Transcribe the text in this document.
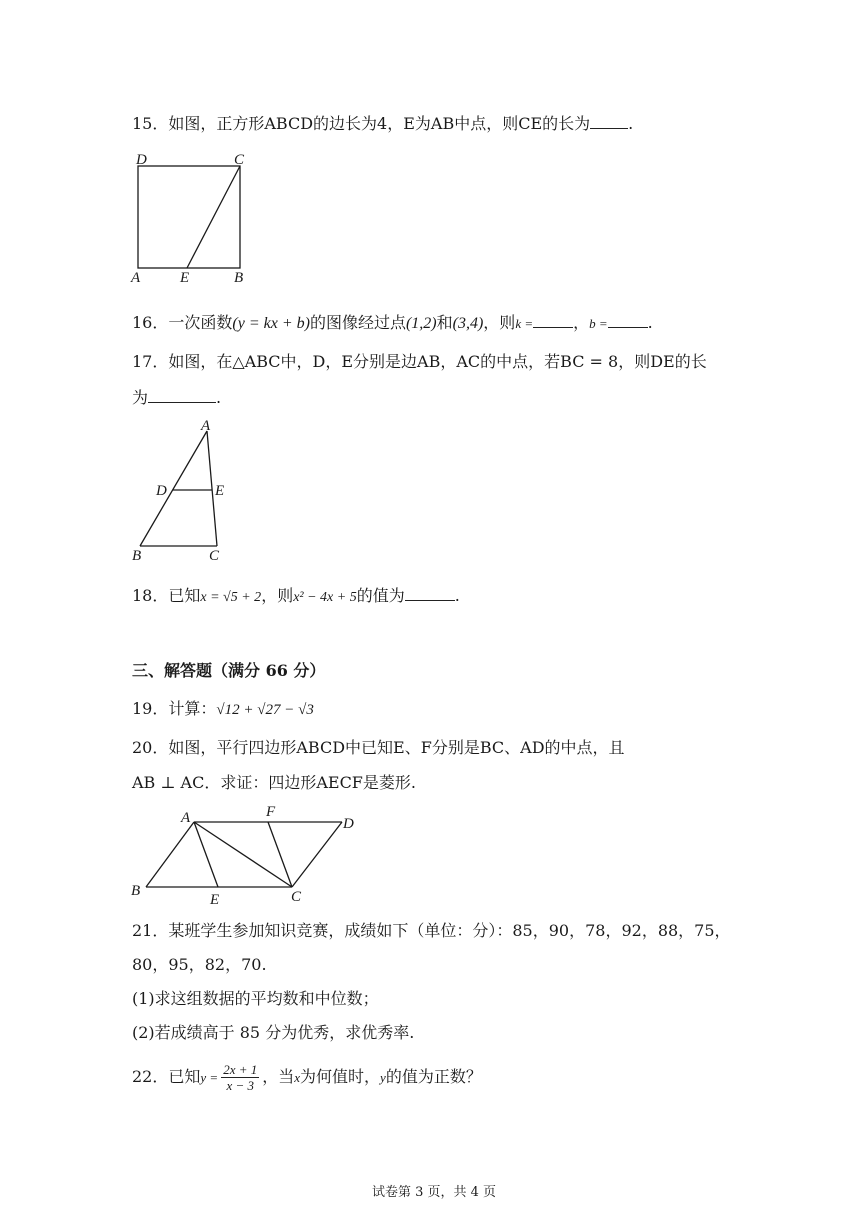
15．如图，正方形ABCD的边长为4，E为AB中点，则CE的长为 .
D	C
A	E	B
16．一次函数(y = kx + b)的图像经过点(1,2)和(3,4)，则k =	，b =	.
17．如图，在△ABC中，D，E分别是边AB，AC的中点，若BC = 8，则DE的长
为	.
A
D	E
B	C
18．已知x = √5 + 2，则x² − 4x + 5的值为	.
三、解答题（满分 66 分）
19．计算：√12 + √27 − √3
20．如图，平行四边形ABCD中已知E、F分别是BC、AD的中点，且
AB ⊥ AC．求证：四边形AECF是菱形.
A	F
D
B
E	C
21．某班学生参加知识竞赛，成绩如下（单位：分）：85，90，78，92，88，75，
80，95，82，70.
(1)求这组数据的平均数和中位数；
(2)若成绩高于 85 分为优秀，求优秀率.
22．已知$y = \frac{2x + 1}{x - 3}$ ，当x为何值时，y的值为正数？
试卷第 3 页，共 4 页
